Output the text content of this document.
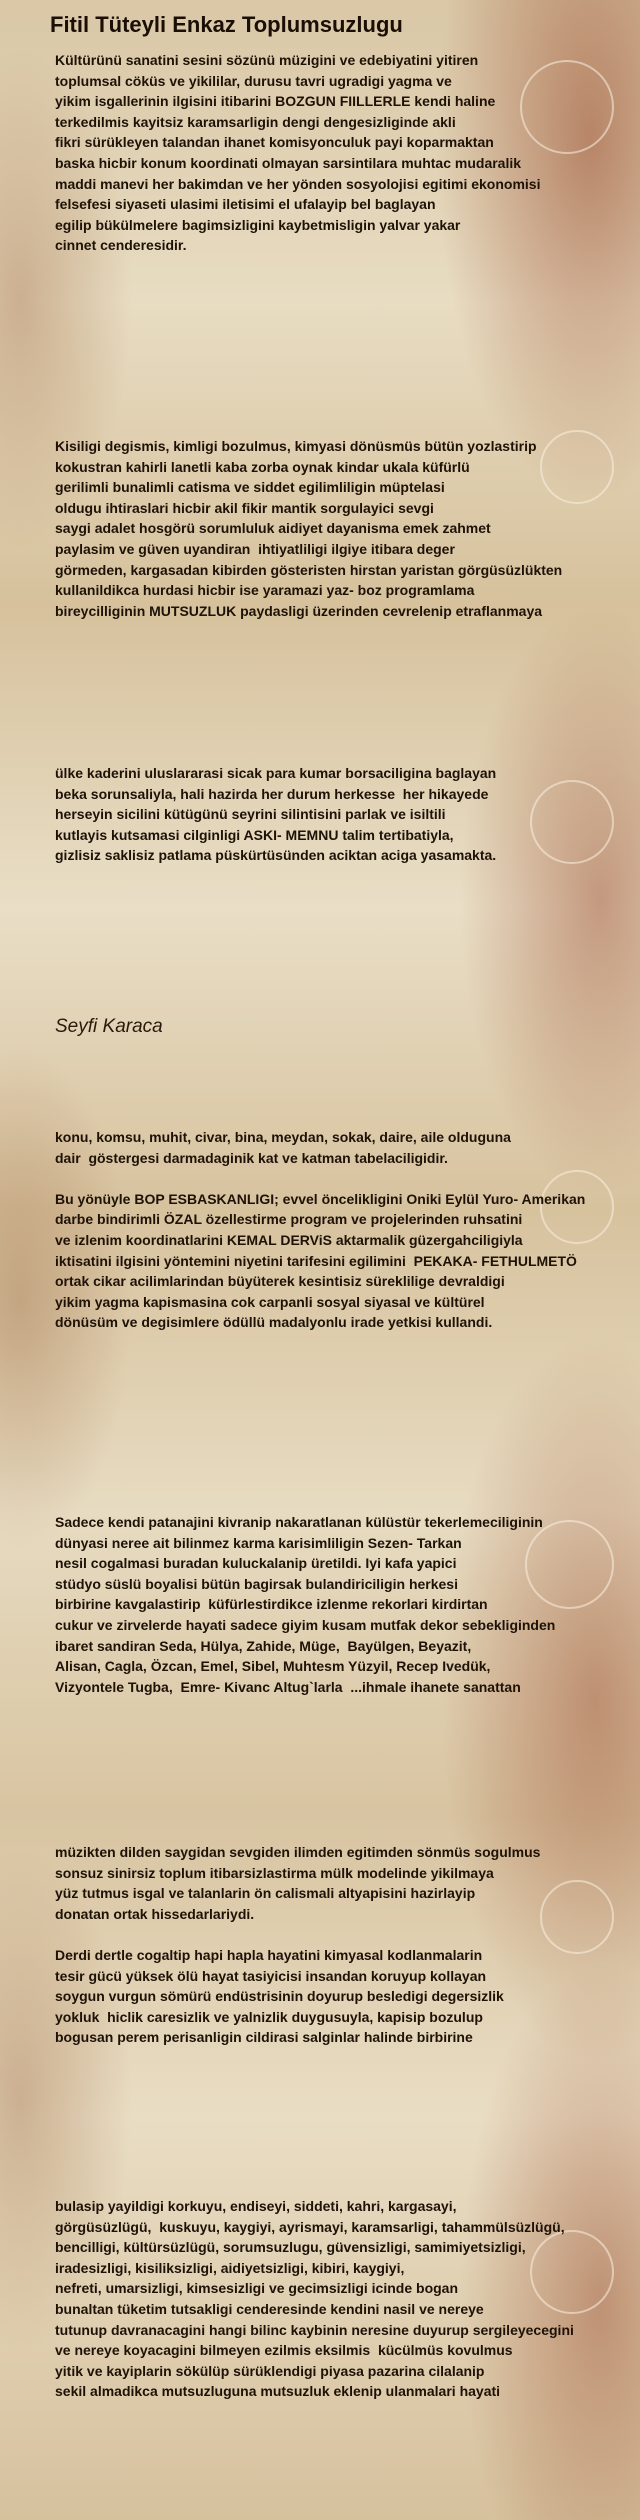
Fitil Tüteyli Enkaz Toplumsuzlugu

Kültürünü sanatini sesini sözünü müzigini ve edebiyatini yitiren
toplumsal cöküs ve yikililar, durusu tavri ugradigi yagma ve
yikim isgallerinin ilgisini itibarini BOZGUN FIILLERLE kendi haline
terkedilmis kayitsiz karamsarligin dengi dengesizliginde akli
fikri sürükleyen talandan ihanet komisyonculuk payi koparmaktan
baska hicbir konum koordinati olmayan sarsintilara muhtac mudaralik
maddi manevi her bakimdan ve her yönden sosyolojisi egitimi ekonomisi
felsefesi siyaseti ulasimi iletisimi el ufalayip bel baglayan
egilip bükülmelere bagimsizligini kaybetmisligin yalvar yakar
cinnet cenderesidir.

Kisiligi degismis, kimligi bozulmus, kimyasi dönüsmüs bütün yozlastirip
kokustran kahirli lanetli kaba zorba oynak kindar ukala küfürlü
gerilimli bunalimli catisma ve siddet egilimliligin müptelasi
oldugu ihtiraslari hicbir akil fikir mantik sorgulayici sevgi
saygi adalet hosgörü sorumluluk aidiyet dayanisma emek zahmet
paylasim ve güven uyandiran  ihtiyatliligi ilgiye itibara deger
görmeden, kargasadan kibirden gösteristen hirstan yaristan görgüsüzlükten
kullanildikca hurdasi hicbir ise yaramazi yaz- boz programlama
bireycilliginin MUTSUZLUK paydasligi üzerinden cevrelenip etraflanmaya

ülke kaderini uluslararasi sicak para kumar borsaciligina baglayan
beka sorunsaliyla, hali hazirda her durum herkesse  her hikayede
herseyin sicilini kütügünü seyrini silintisini parlak ve isiltili
kutlayis kutsamasi cilginligi ASKI- MEMNU talim tertibatiyla,
gizlisiz saklisiz patlama püskürtüsünden aciktan aciga yasamakta.

Seyfi Karaca

konu, komsu, muhit, civar, bina, meydan, sokak, daire, aile olduguna
dair  göstergesi darmadaginik kat ve katman tabelaciligidir.

Bu yönüyle BOP ESBASKANLIGI; evvel öncelikligini Oniki Eylül Yuro- Amerikan
darbe bindirimli ÖZAL özellestirme program ve projelerinden ruhsatini
ve izlenim koordinatlarini KEMAL DERViS aktarmalik güzergahciligiyla
iktisatini ilgisini yöntemini niyetini tarifesini egilimini  PEKAKA- FETHULMETÖ
ortak cikar acilimlarindan büyüterek kesintisiz süreklilige devraldigi
yikim yagma kapismasina cok carpanli sosyal siyasal ve kültürel
dönüsüm ve degisimlere ödüllü madalyonlu irade yetkisi kullandi.

Sadece kendi patanajini kivranip nakaratlanan külüstür tekerlemeciliginin
dünyasi neree ait bilinmez karma karisimliligin Sezen- Tarkan
nesil cogalmasi buradan kuluckalanip üretildi. Iyi kafa yapici
stüdyo süslü boyalisi bütün bagirsak bulandiriciligin herkesi
birbirine kavgalastirip  küfürlestirdikce izlenme rekorlari kirdirtan
cukur ve zirvelerde hayati sadece giyim kusam mutfak dekor sebekliginden
ibaret sandiran Seda, Hülya, Zahide, Müge,  Bayülgen, Beyazit,
Alisan, Cagla, Özcan, Emel, Sibel, Muhtesm Yüzyil, Recep Ivedük,
Vizyontele Tugba,  Emre- Kivanc Altug`larla  ...ihmale ihanete sanattan

müzikten dilden saygidan sevgiden ilimden egitimden sönmüs sogulmus
sonsuz sinirsiz toplum itibarsizlastirma mülk modelinde yikilmaya
yüz tutmus isgal ve talanlarin ön calismali altyapisini hazirlayip
donatan ortak hissedarlariydi.

Derdi dertle cogaltip hapi hapla hayatini kimyasal kodlanmalarin
tesir gücü yüksek ölü hayat tasiyicisi insandan koruyup kollayan
soygun vurgun sömürü endüstrisinin doyurup besledigi degersizlik
yokluk  hiclik caresizlik ve yalnizlik duygusuyla, kapisip bozulup
bogusan perem perisanligin cildirasi salginlar halinde birbirine

bulasip yayildigi korkuyu, endiseyi, siddeti, kahri, kargasayi,
görgüsüzlügü,  kuskuyu, kaygiyi, ayrismayi, karamsarligi, tahammülsüzlügü,
bencilligi, kültürsüzlügü, sorumsuzlugu, güvensizligi, samimiyetsizligi,
iradesizligi, kisiliksizligi, aidiyetsizligi, kibiri, kaygiyi,
nefreti, umarsizligi, kimsesizligi ve gecimsizligi icinde bogan
bunaltan tüketim tutsakligi cenderesinde kendini nasil ve nereye
tutunup davranacagini hangi bilinc kaybinin neresine duyurup sergileyecegini
ve nereye koyacagini bilmeyen ezilmis eksilmis  kücülmüs kovulmus
yitik ve kayiplarin sökülüp sürüklendigi piyasa pazarina cilalanip
sekil almadikca mutsuzluguna mutsuzluk eklenip ulanmalari hayati
